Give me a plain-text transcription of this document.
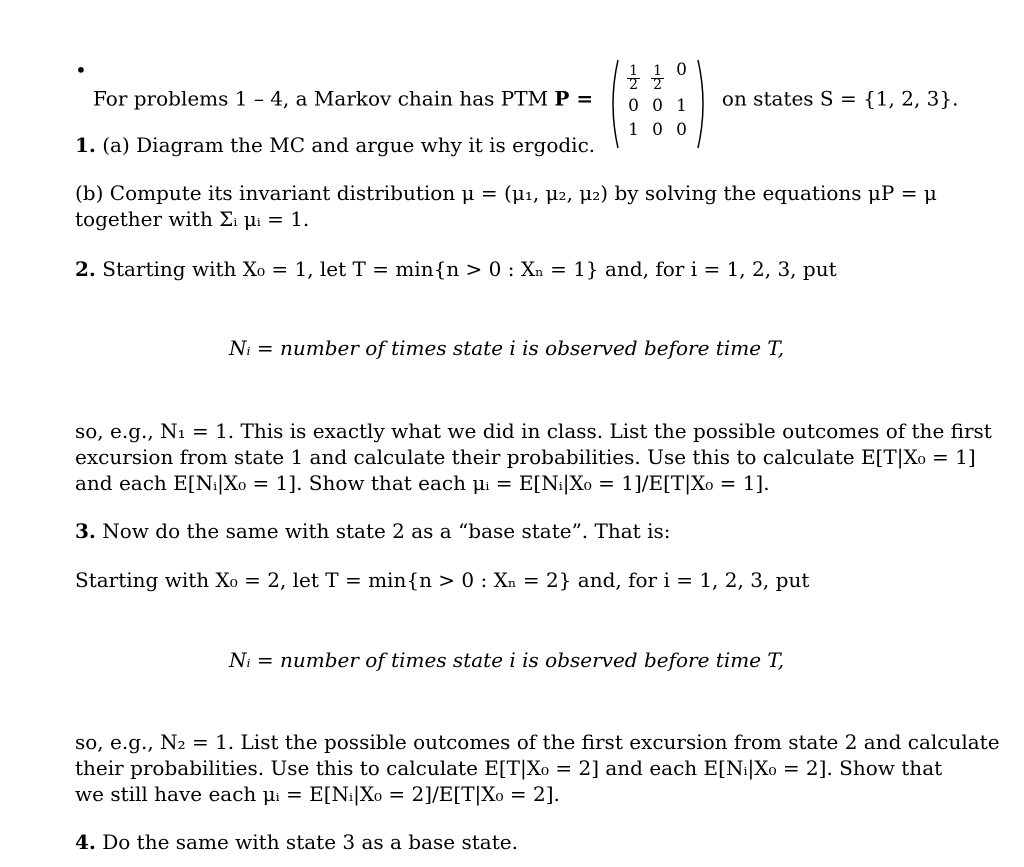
•
For problems 1 – 4, a Markov chain has PTM P =
$\frac{1}{2} \frac{1}{2} 0$
0 0 1
1 0 0
on states S = {1, 2, 3}.
1. (a) Diagram the MC and argue why it is ergodic.
(b) Compute its invariant distribution μ = (μ₁, μ₂, μ₂) by solving the equations μP = μ
together with Σᵢ μᵢ = 1.
2. Starting with X₀ = 1, let T = min{n > 0 : Xₙ = 1} and, for i = 1, 2, 3, put
Nᵢ = number of times state i is observed before time T,
so, e.g., N₁ = 1. This is exactly what we did in class. List the possible outcomes of the first
excursion from state 1 and calculate their probabilities. Use this to calculate E[T|X₀ = 1]
and each E[Nᵢ|X₀ = 1]. Show that each μᵢ = E[Nᵢ|X₀ = 1]/E[T|X₀ = 1].
3. Now do the same with state 2 as a “base state”. That is:
Starting with X₀ = 2, let T = min{n > 0 : Xₙ = 2} and, for i = 1, 2, 3, put
Nᵢ = number of times state i is observed before time T,
so, e.g., N₂ = 1. List the possible outcomes of the first excursion from state 2 and calculate
their probabilities. Use this to calculate E[T|X₀ = 2] and each E[Nᵢ|X₀ = 2]. Show that
we still have each μᵢ = E[Nᵢ|X₀ = 2]/E[T|X₀ = 2].
4. Do the same with state 3 as a base state.
